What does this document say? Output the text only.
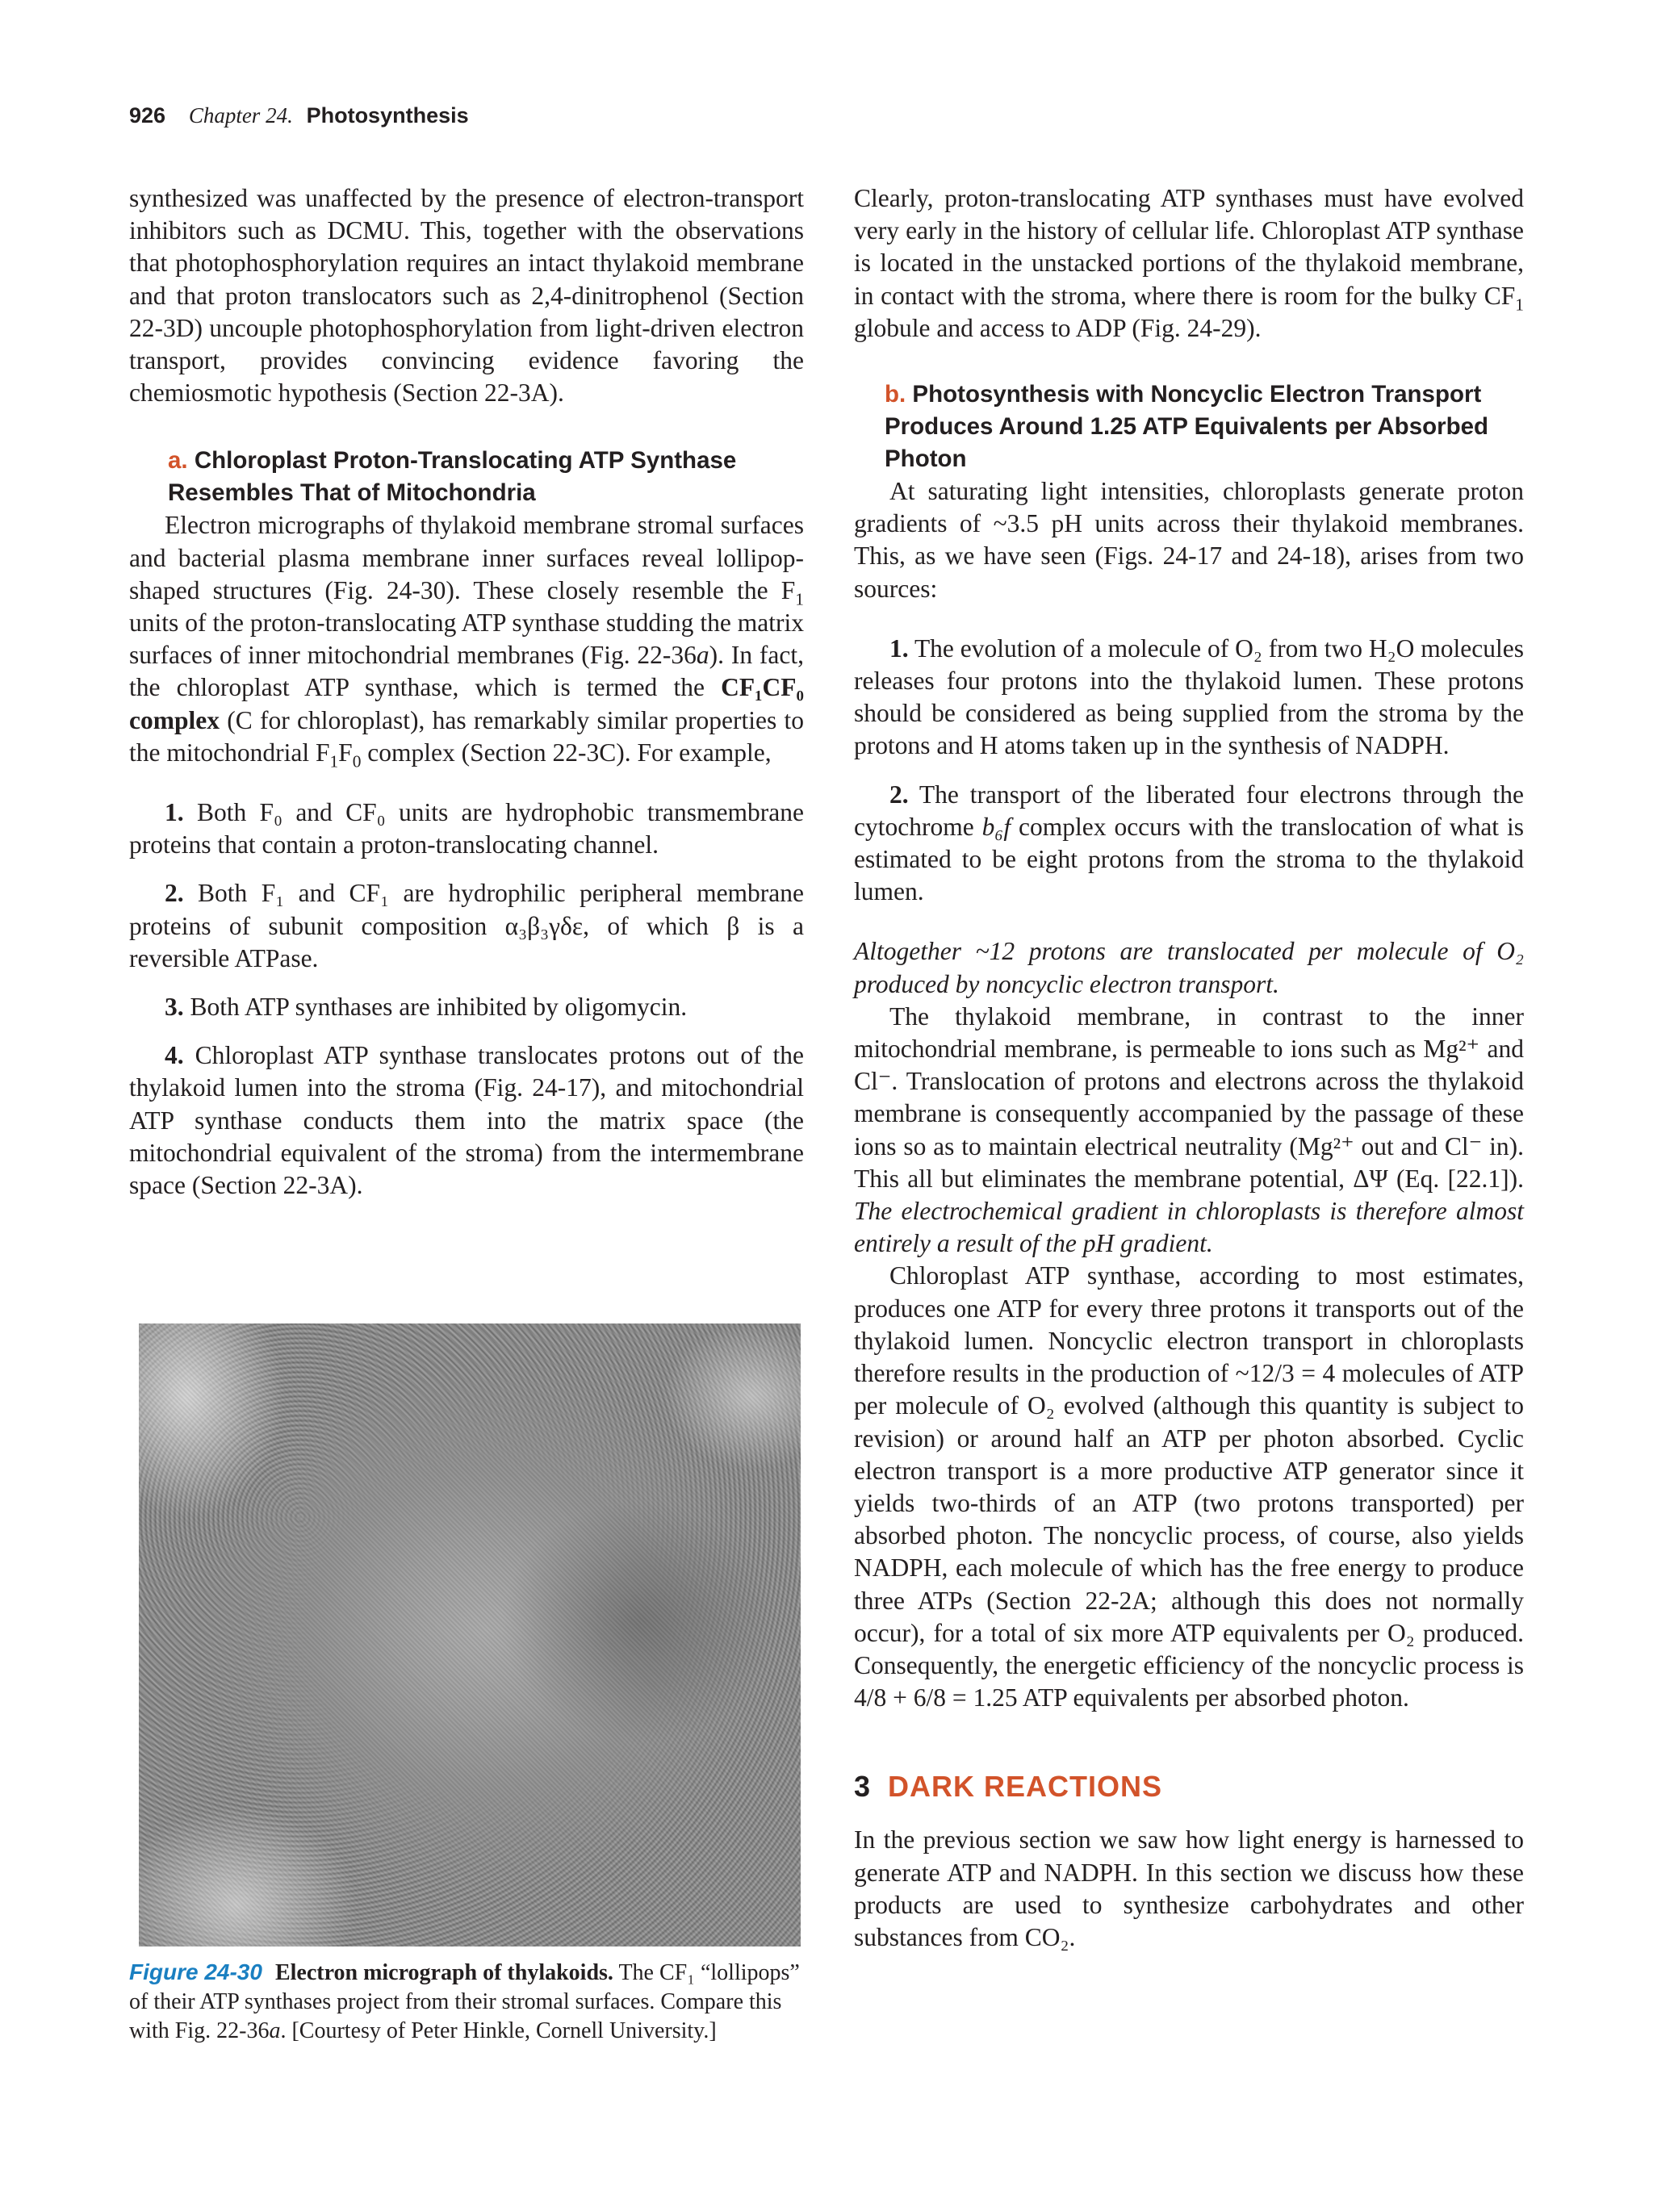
926 Chapter 24. Photosynthesis

synthesized was unaffected by the presence of electron-transport inhibitors such as DCMU. This, together with the observations that photophosphorylation requires an intact thylakoid membrane and that proton translocators such as 2,4-dinitrophenol (Section 22-3D) uncouple photophosphorylation from light-driven electron transport, provides convincing evidence favoring the chemiosmotic hypothesis (Section 22-3A).

a. Chloroplast Proton-Translocating ATP Synthase Resembles That of Mitochondria

Electron micrographs of thylakoid membrane stromal surfaces and bacterial plasma membrane inner surfaces reveal lollipop-shaped structures (Fig. 24-30). These closely resemble the $F_1$ units of the proton-translocating ATP synthase studding the matrix surfaces of inner mitochondrial membranes (Fig. 22-36a). In fact, the chloroplast ATP synthase, which is termed the CF₁CF₀ complex (C for chloroplast), has remarkably similar properties to the mitochondrial $F_1F_0$ complex (Section 22-3C). For example,

1. Both F₀ and CF₀ units are hydrophobic transmembrane proteins that contain a proton-translocating channel.

2. Both F₁ and CF₁ are hydrophilic peripheral membrane proteins of subunit composition α₃β₃γδε, of which β is a reversible ATPase.

3. Both ATP synthases are inhibited by oligomycin.

4. Chloroplast ATP synthase translocates protons out of the thylakoid lumen into the stroma (Fig. 24-17), and mitochondrial ATP synthase conducts them into the matrix space (the mitochondrial equivalent of the stroma) from the intermembrane space (Section 22-3A).

Figure 24-30 Electron micrograph of thylakoids. The CF₁ “lollipops” of their ATP synthases project from their stromal surfaces. Compare this with Fig. 22-36a. [Courtesy of Peter Hinkle, Cornell University.]

Clearly, proton-translocating ATP synthases must have evolved very early in the history of cellular life. Chloroplast ATP synthase is located in the unstacked portions of the thylakoid membrane, in contact with the stroma, where there is room for the bulky $CF_1$ globule and access to ADP (Fig. 24-29).

b. Photosynthesis with Noncyclic Electron Transport Produces Around 1.25 ATP Equivalents per Absorbed Photon

At saturating light intensities, chloroplasts generate proton gradients of ~3.5 pH units across their thylakoid membranes. This, as we have seen (Figs. 24-17 and 24-18), arises from two sources:

1. The evolution of a molecule of O₂ from two H₂O molecules releases four protons into the thylakoid lumen. These protons should be considered as being supplied from the stroma by the protons and H atoms taken up in the synthesis of NADPH.

2. The transport of the liberated four electrons through the cytochrome b₆f complex occurs with the translocation of what is estimated to be eight protons from the stroma to the thylakoid lumen.

Altogether ~12 protons are translocated per molecule of O₂ produced by noncyclic electron transport.

The thylakoid membrane, in contrast to the inner mitochondrial membrane, is permeable to ions such as Mg²⁺ and Cl⁻. Translocation of protons and electrons across the thylakoid membrane is consequently accompanied by the passage of these ions so as to maintain electrical neutrality (Mg²⁺ out and Cl⁻ in). This all but eliminates the membrane potential, ΔΨ (Eq. [22.1]). The electrochemical gradient in chloroplasts is therefore almost entirely a result of the pH gradient.

Chloroplast ATP synthase, according to most estimates, produces one ATP for every three protons it transports out of the thylakoid lumen. Noncyclic electron transport in chloroplasts therefore results in the production of ~12/3 = 4 molecules of ATP per molecule of O₂ evolved (although this quantity is subject to revision) or around half an ATP per photon absorbed. Cyclic electron transport is a more productive ATP generator since it yields two-thirds of an ATP (two protons transported) per absorbed photon. The noncyclic process, of course, also yields NADPH, each molecule of which has the free energy to produce three ATPs (Section 22-2A; although this does not normally occur), for a total of six more ATP equivalents per O₂ produced. Consequently, the energetic efficiency of the noncyclic process is 4/8 + 6/8 = 1.25 ATP equivalents per absorbed photon.

3 DARK REACTIONS

In the previous section we saw how light energy is harnessed to generate ATP and NADPH. In this section we discuss how these products are used to synthesize carbohydrates and other substances from CO₂.
